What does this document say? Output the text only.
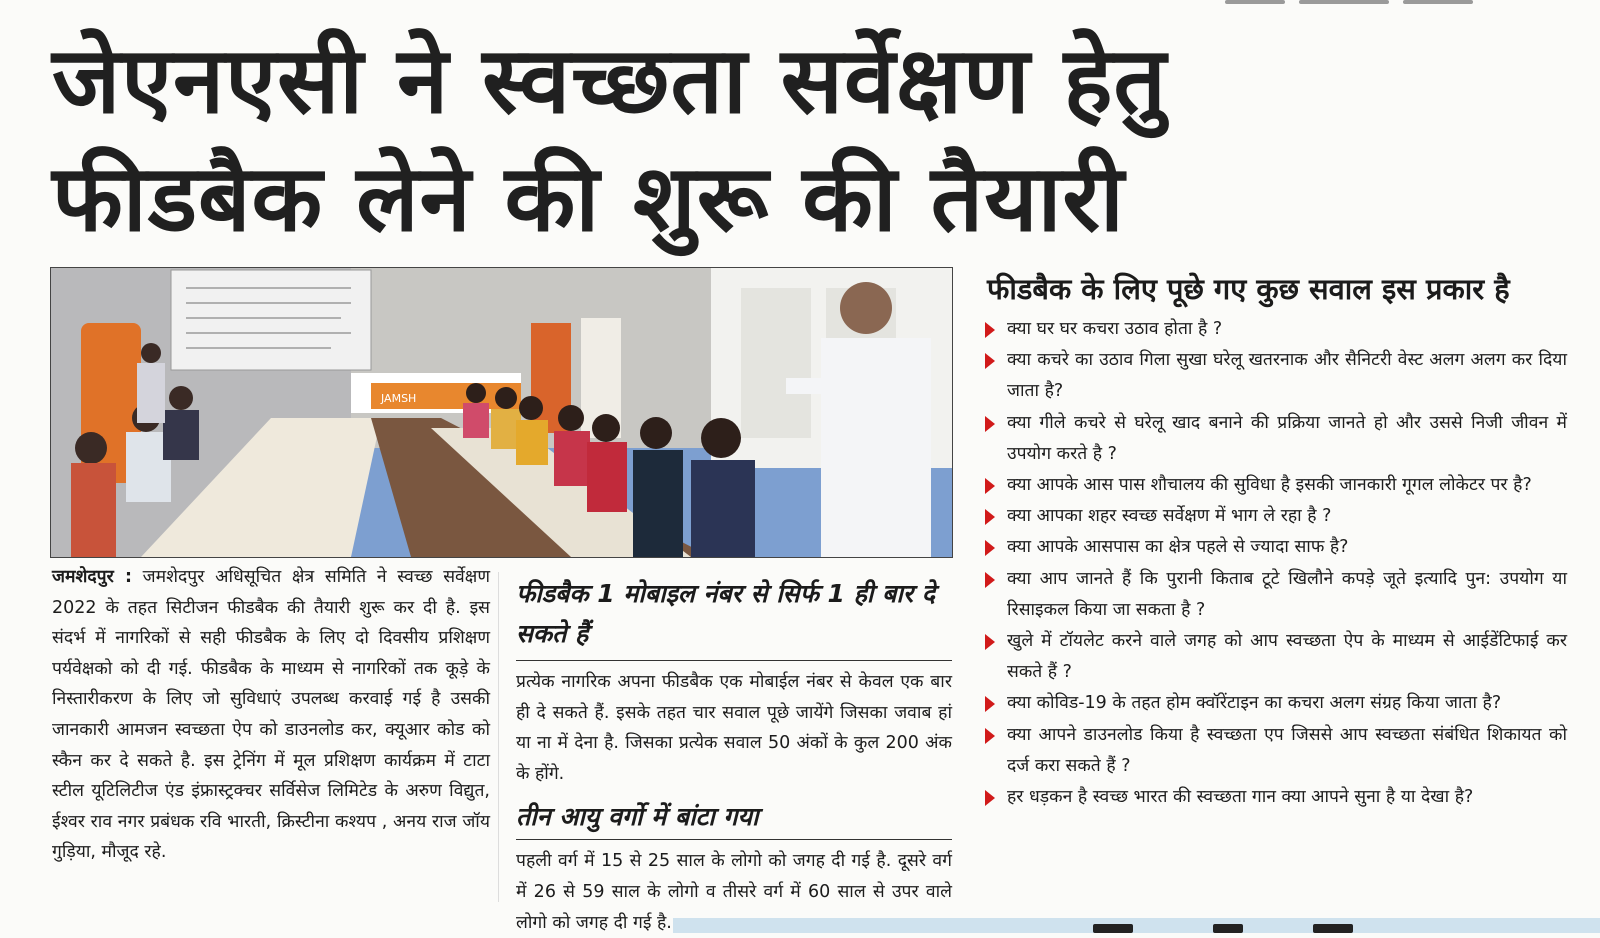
जेएनएसी ने स्वच्छता सर्वेक्षण हेतु
फीडबैक लेने की शुरू की तैयारी
JAMSH

जमशेदपुर : जमशेदपुर अधिसूचित क्षेत्र समिति ने स्वच्छ सर्वेक्षण 2022 के तहत सिटीजन फीडबैक की तैयारी शुरू कर दी है. इस संदर्भ में नागरिकों से सही फीडबैक के लिए दो दिवसीय प्रशिक्षण पर्यवेक्षको को दी गई. फीडबैक के माध्यम से नागरिकों तक कूड़े के निस्तारीकरण के लिए जो सुविधाएं उपलब्ध करवाई गई है उसकी जानकारी आमजन स्वच्छता ऐप को डाउनलोड कर, क्यूआर कोड को स्कैन कर दे सकते है. इस ट्रेनिंग में मूल प्रशिक्षण कार्यक्रम में टाटा स्टील यूटिलिटीज एंड इंफ्रास्ट्रक्चर सर्विसेज लिमिटेड के अरुण विद्युत, ईश्वर राव नगर प्रबंधक रवि भारती, क्रिस्टीना कश्यप , अनय राज जॉय गुड़िया, मौजूद रहे.

फीडबैक 1 मोबाइल नंबर से सिर्फ 1 ही बार दे सकते हैं

प्रत्येक नागरिक अपना फीडबैक एक मोबाईल नंबर से केवल एक बार ही दे सकते हैं. इसके तहत चार सवाल पूछे जायेंगे जिसका जवाब हां या ना में देना है. जिसका प्रत्येक सवाल 50 अंकों के कुल 200 अंक के होंगे.

तीन आयु वर्गो में बांटा गया

पहली वर्ग में 15 से 25 साल के लोगो को जगह दी गई है. दूसरे वर्ग में 26 से 59 साल के लोगो व तीसरे वर्ग में 60 साल से उपर वाले लोगो को जगह दी गई है.

फीडबैक के लिए पूछे गए कुछ सवाल इस प्रकार है
क्या घर घर कचरा उठाव होता है ?
क्या कचरे का उठाव गिला सुखा घरेलू खतरनाक और सैनिटरी वेस्ट अलग अलग कर दिया जाता है?
क्या गीले कचरे से घरेलू खाद बनाने की प्रक्रिया जानते हो और उससे निजी जीवन में उपयोग करते है ?
क्या आपके आस पास शौचालय की सुविधा है इसकी जानकारी गूगल लोकेटर पर है?
क्या आपका शहर स्वच्छ सर्वेक्षण में भाग ले रहा है ?
क्या आपके आसपास का क्षेत्र पहले से ज्यादा साफ है?
क्या आप जानते हैं कि पुरानी किताब टूटे खिलौने कपड़े जूते इत्यादि पुन: उपयोग या रिसाइकल किया जा सकता है ?
खुले में टॉयलेट करने वाले जगह को आप स्वच्छता ऐप के माध्यम से आईडेंटिफाई कर सकते हैं ?
क्या कोविड-19 के तहत होम क्वॉरेंटाइन का कचरा अलग संग्रह किया जाता है?
क्या आपने डाउनलोड किया है स्वच्छता एप जिससे आप स्वच्छता संबंधित शिकायत को दर्ज करा सकते हैं ?
हर धड़कन है स्वच्छ भारत की स्वच्छता गान क्या आपने सुना है या देखा है?
